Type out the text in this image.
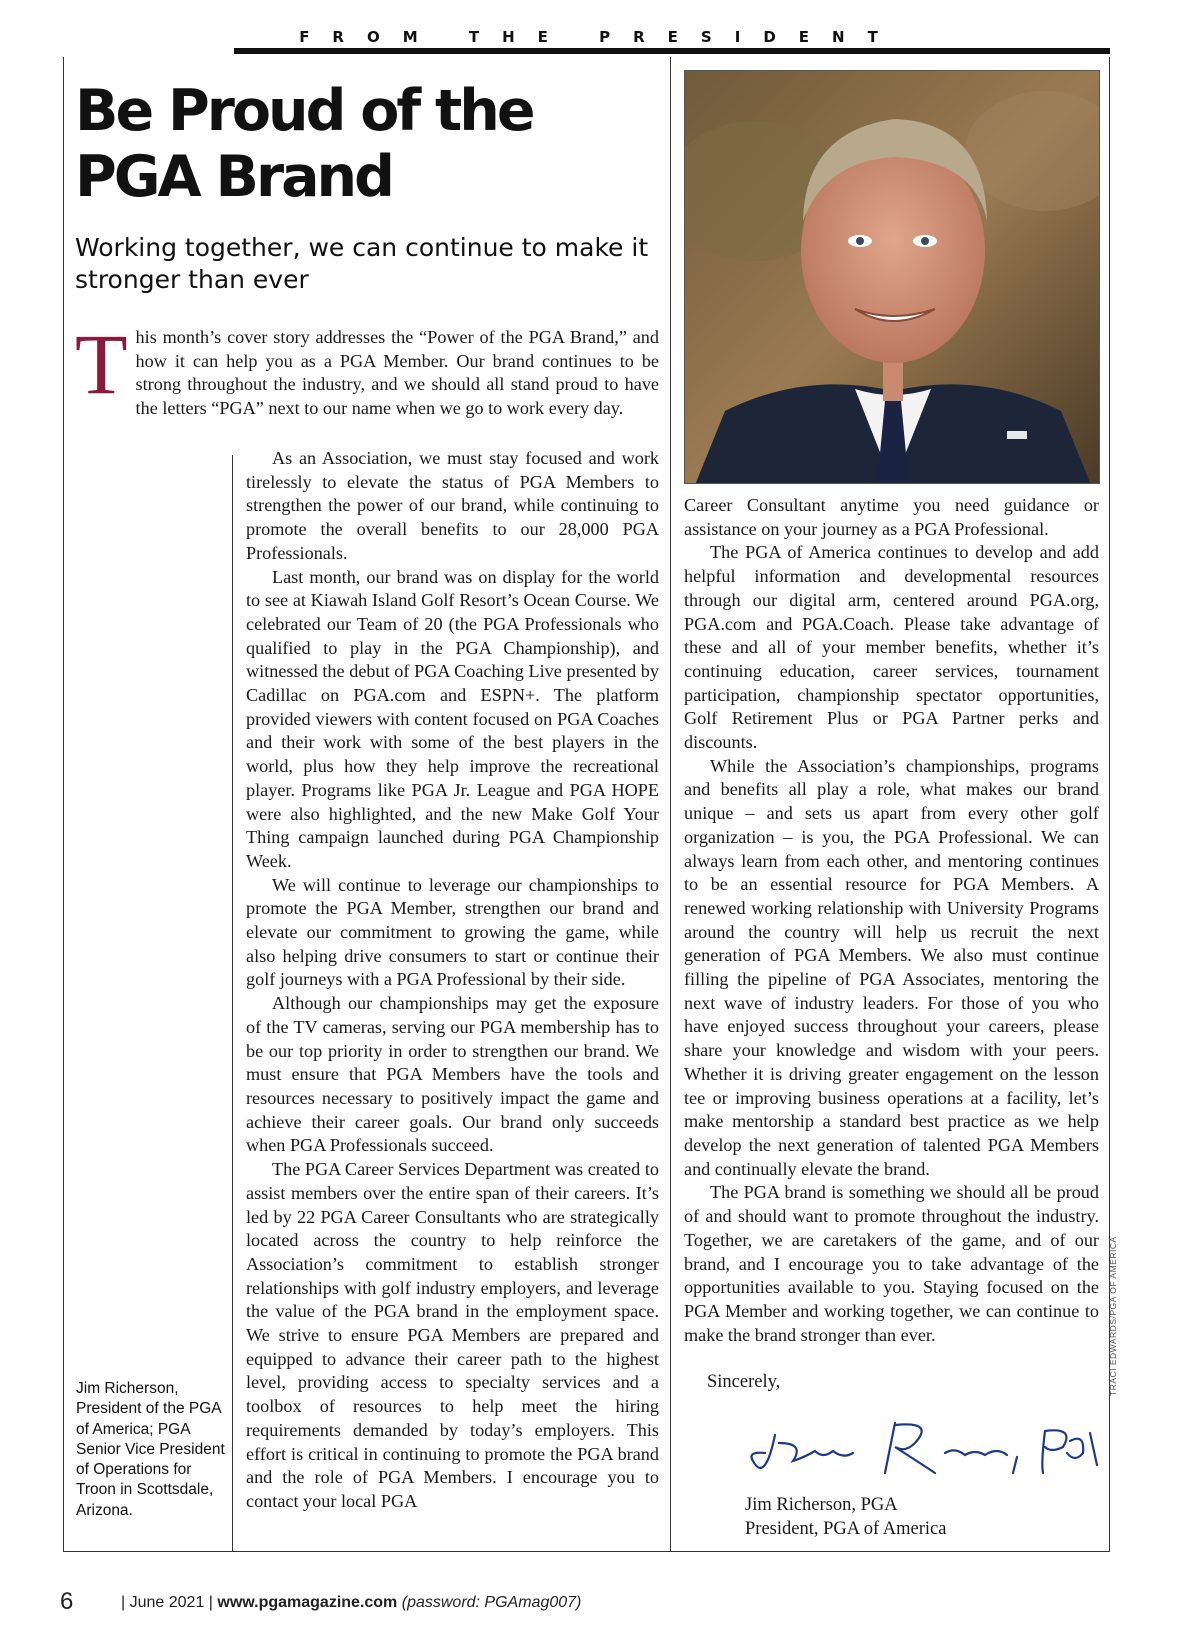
FROM THE PRESIDENT
Be Proud of the PGA Brand
Working together, we can continue to make it stronger than ever
T his month’s cover story addresses the “Power of the PGA Brand,” and how it can help you as a PGA Member. Our brand continues to be strong throughout the industry, and we should all stand proud to have the letters “PGA” next to our name when we go to work every day.

As an Association, we must stay focused and work tirelessly to elevate the status of PGA Members to strengthen the power of our brand, while continuing to promote the overall benefits to our 28,000 PGA Professionals.

Last month, our brand was on display for the world to see at Kiawah Island Golf Resort’s Ocean Course. We celebrated our Team of 20 (the PGA Professionals who qualified to play in the PGA Championship), and witnessed the debut of PGA Coaching Live presented by Cadillac on PGA.com and ESPN+. The platform provided viewers with content focused on PGA Coaches and their work with some of the best players in the world, plus how they help improve the recreational player. Programs like PGA Jr. League and PGA HOPE were also highlighted, and the new Make Golf Your Thing campaign launched during PGA Championship Week.

We will continue to leverage our championships to promote the PGA Member, strengthen our brand and elevate our commitment to growing the game, while also helping drive consumers to start or continue their golf journeys with a PGA Professional by their side.

Although our championships may get the exposure of the TV cameras, serving our PGA membership has to be our top priority in order to strengthen our brand. We must ensure that PGA Members have the tools and resources necessary to positively impact the game and achieve their career goals. Our brand only succeeds when PGA Professionals succeed.

The PGA Career Services Department was created to assist members over the entire span of their careers. It’s led by 22 PGA Career Consultants who are strategically located across the country to help reinforce the Association’s commitment to establish stronger relationships with golf industry employers, and leverage the value of the PGA brand in the employment space. We strive to ensure PGA Members are prepared and equipped to advance their career path to the highest level, providing access to specialty services and a toolbox of resources to help meet the hiring requirements demanded by today’s employers. This effort is critical in continuing to promote the PGA brand and the role of PGA Members. I encourage you to contact your local PGA

Career Consultant anytime you need guidance or assistance on your journey as a PGA Professional.

The PGA of America continues to develop and add helpful information and developmental resources through our digital arm, centered around PGA.org, PGA.com and PGA.Coach. Please take advantage of these and all of your member benefits, whether it’s continuing education, career services, tournament participation, championship spectator opportunities, Golf Retirement Plus or PGA Partner perks and discounts.

While the Association’s championships, programs and benefits all play a role, what makes our brand unique – and sets us apart from every other golf organization – is you, the PGA Professional. We can always learn from each other, and mentoring continues to be an essential resource for PGA Members. A renewed working relationship with University Programs around the country will help us recruit the next generation of PGA Members. We also must continue filling the pipeline of PGA Associates, mentoring the next wave of industry leaders. For those of you who have enjoyed success throughout your careers, please share your knowledge and wisdom with your peers. Whether it is driving greater engagement on the lesson tee or improving business operations at a facility, let’s make mentorship a standard best practice as we help develop the next generation of talented PGA Members and continually elevate the brand.

The PGA brand is something we should all be proud of and should want to promote throughout the industry. Together, we are caretakers of the game, and of our brand, and I encourage you to take advantage of the opportunities available to you. Staying focused on the PGA Member and working together, we can continue to make the brand stronger than ever.

Sincerely,
Jim Richerson, PGA
President, PGA of America
Jim Richerson, President of the PGA of America; PGA Senior Vice President of Operations for Troon in Scottsdale, Arizona.
TRACI EDWARDS/PGA OF AMERICA
6	| June 2021 | www.pgamagazine.com (password: PGAmag007)
